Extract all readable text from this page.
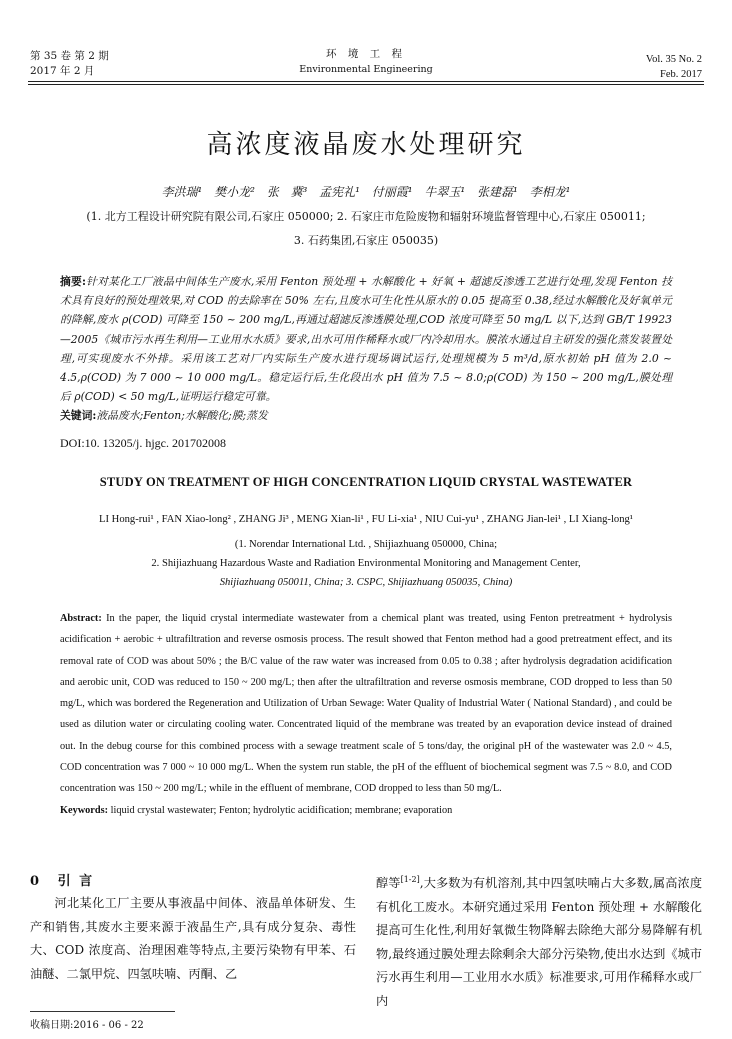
第 35 卷 第 2 期
2017 年 2 月
环 境 工 程
Environmental Engineering
Vol. 35 No. 2
Feb. 2017
高浓度液晶废水处理研究
李洪瑞¹ 樊小龙² 张 冀³ 孟宪礼¹ 付丽霞¹ 牛翠玉¹ 张建磊¹ 李相龙¹
(1. 北方工程设计研究院有限公司,石家庄 050000; 2. 石家庄市危险废物和辐射环境监督管理中心,石家庄 050011;
3. 石药集团,石家庄 050035)
摘要:针对某化工厂液晶中间体生产废水,采用 Fenton 预处理 + 水解酸化 + 好氧 + 超滤反渗透工艺进行处理,发现 Fenton 技术具有良好的预处理效果,对 COD 的去除率在 50% 左右,且废水可生化性从原水的 0.05 提高至 0.38,经过水解酸化及好氧单元的降解,废水 ρ(COD) 可降至 150 ~ 200 mg/L,再通过超滤反渗透膜处理,COD 浓度可降至 50 mg/L 以下,达到 GB/T 19923—2005《城市污水再生利用—工业用水水质》要求,出水可用作稀释水或厂内冷却用水。膜浓水通过自主研发的强化蒸发装置处理,可实现废水不外排。采用该工艺对厂内实际生产废水进行现场调试运行,处理规模为 5 m³/d,原水初始 pH 值为 2.0 ~ 4.5,ρ(COD) 为 7 000 ~ 10 000 mg/L。稳定运行后,生化段出水 pH 值为 7.5 ~ 8.0;ρ(COD) 为 150 ~ 200 mg/L,膜处理后 ρ(COD) < 50 mg/L,证明运行稳定可靠。
关键词:液晶废水;Fenton;水解酸化;膜;蒸发
DOI:10. 13205/j. hjgc. 201702008
STUDY ON TREATMENT OF HIGH CONCENTRATION LIQUID CRYSTAL WASTEWATER
LI Hong-rui¹ , FAN Xiao-long² , ZHANG Ji³ , MENG Xian-li¹ , FU Li-xia¹ , NIU Cui-yu¹ , ZHANG Jian-lei¹ , LI Xiang-long¹
(1. Norendar International Ltd. , Shijiazhuang 050000, China;
2. Shijiazhuang Hazardous Waste and Radiation Environmental Monitoring and Management Center,
Shijiazhuang 050011, China; 3. CSPC, Shijiazhuang 050035, China)
Abstract: In the paper, the liquid crystal intermediate wastewater from a chemical plant was treated, using Fenton pretreatment + hydrolysis acidification + aerobic + ultrafiltration and reverse osmosis process. The result showed that Fenton method had a good pretreatment effect, and its removal rate of COD was about 50% ; the B/C value of the raw water was increased from 0.05 to 0.38 ; after hydrolysis degradation acidification and aerobic unit, COD was reduced to 150 ~ 200 mg/L; then after the ultrafiltration and reverse osmosis membrane, COD dropped to less than 50 mg/L, which was bordered the Regeneration and Utilization of Urban Sewage: Water Quality of Industrial Water ( National Standard) , and could be used as dilution water or circulating cooling water. Concentrated liquid of the membrane was treated by an evaporation device instead of drained out. In the debug course for this combined process with a sewage treatment scale of 5 tons/day, the original pH of the wastewater was 2.0 ~ 4.5, COD concentration was 7 000 ~ 10 000 mg/L. When the system run stable, the pH of the effluent of biochemical segment was 7.5 ~ 8.0, and COD concentration was 150 ~ 200 mg/L; while in the effluent of membrane, COD dropped to less than 50 mg/L.
Keywords: liquid crystal wastewater; Fenton; hydrolytic acidification; membrane; evaporation
0 引 言
河北某化工厂主要从事液晶中间体、液晶单体研发、生产和销售,其废水主要来源于液晶生产,具有成分复杂、毒性大、COD 浓度高、治理困难等特点,主要污染物有甲苯、石油醚、二氯甲烷、四氢呋喃、丙酮、乙
醇等[1-2],大多数为有机溶剂,其中四氢呋喃占大多数,属高浓度有机化工废水。本研究通过采用 Fenton 预处理 + 水解酸化提高可生化性,利用好氧微生物降解去除绝大部分易降解有机物,最终通过膜处理去除剩余大部分污染物,使出水达到《城市污水再生利用—工业用水水质》标准要求,可用作稀释水或厂内
收稿日期:2016 - 06 - 22
